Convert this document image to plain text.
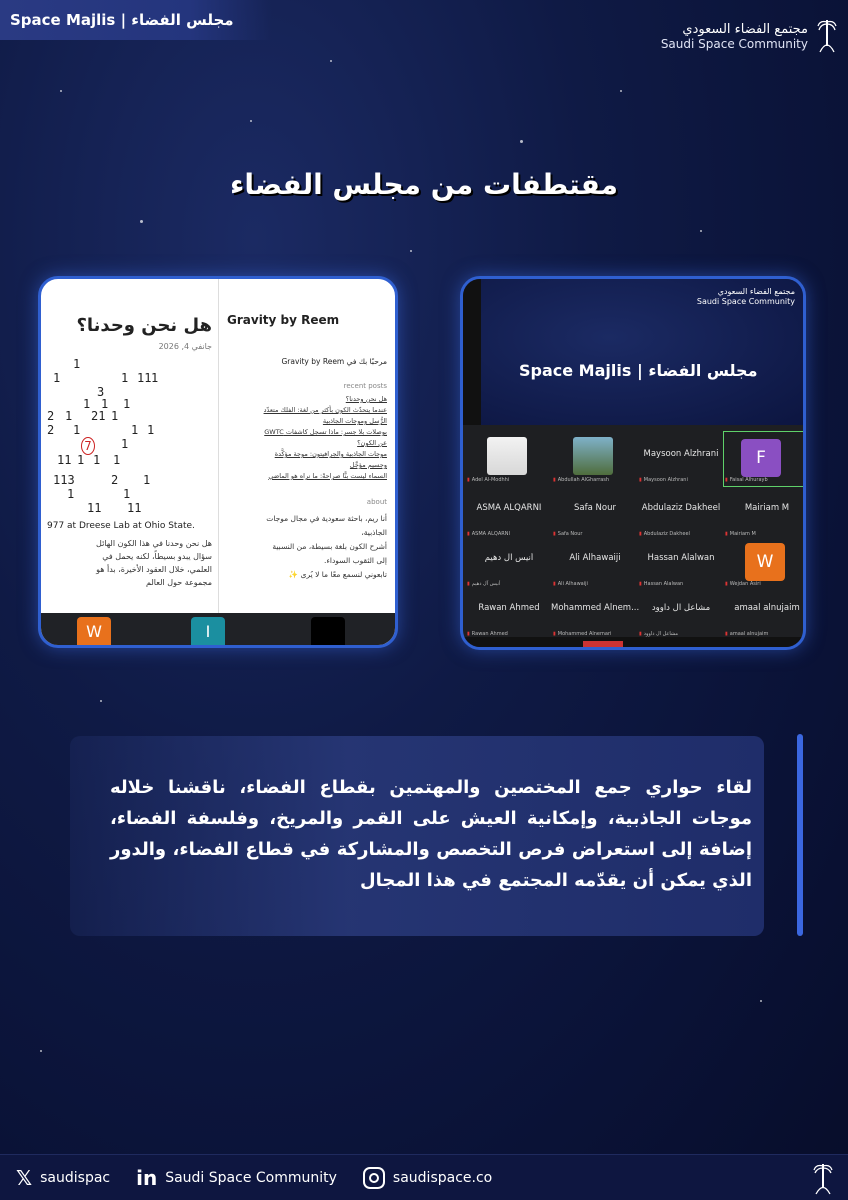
Space Majlis | مجلس الفضاء	مجتمع الفضاء السعودي
Saudi Space Community
مقتطفات من مجلس الفضاء
هل نحن وحدنا؟
جانفي 4, 2026
1
1	1 11 1
3
1 1 1
2 1 21 1
2 1	1 1
7 1
11 1 1 1
113	2 1
1	1
11 11
977 at Dreese Lab at Ohio State.
هل نحن وحدنا في هذا الكون الهائل
سؤال يبدو بسيطاً، لكنه يحمل في
العلمي، خلال العقود الأخيرة، بدأ هو
مجموعة حول العالم
Gravity by Reem
مرحبًا بك في Gravity by Reem
recent posts
هل نحن وحدنا؟
عندما يتحدّث الكون بأكثر من لغة: الفلك متعدّد
الرُّسل وموجات الجاذبية
بوصلات بلا جسر: ماذا تسجل كاشفات GWTC
عن الكون؟
موجات الجاذبية والجرافيتون: موجة مؤكَّدة
وجسيم مؤجَّل
السماء ليست بنًّا صراحةً: ما نراه هو الماضي
about
أنا ريم، باحثة سعودية في مجال موجات
الجاذبية،
أشرح الكون بلغة بسيطة، من النسبية
إلى الثقوب السوداء.
تابعوني لنسمع معًا ما لا يُرى ✨
W	I
مجتمع الفضاء السعودي
Saudi Space Community
Space Majlis | مجلس الفضاء
▮ Adel Al-Modhhi
▮	Abdullah AlGharrash
Maysoon Alzhrani
▮ Maysoon Alzhrani
F
▮ Faisal Alhurayb
ASMA ALQARNI
▮ ASMA ALQARNI
Safa Nour
▮ Safa Nour
Abdulaziz Dakheel
▮ Abdulaziz Dakheel
Mairiam M
▮ Mairiam M
أنيس آل دهيم
▮ أنيس آل دهيم
Ali Alhawaiji
▮ Ali Alhawaiji
Hassan Alalwan
▮ Hassan Alalwan
W
▮ Wejdan Asiri
Rawan Ahmed
▮ Rawan Ahmed
Mohammed Alnem...
▮ Mohammed Alnemari
مشاعل ال داوود
▮ مشاعل ال داوود
amaal alnujaim
▮ amaal alnujaim

لقاء حواري جمع المختصين والمهتمين بقطاع الفضاء، ناقشنا خلاله موجات الجاذبية، وإمكانية العيش على القمر والمريخ، وفلسفة الفضاء، إضافة إلى استعراض فرص التخصص والمشاركة في قطاع الفضاء، والدور الذي يمكن أن يقدّمه المجتمع في هذا المجال

𝕏 saudispac in Saudi Space Community	saudispace.co
